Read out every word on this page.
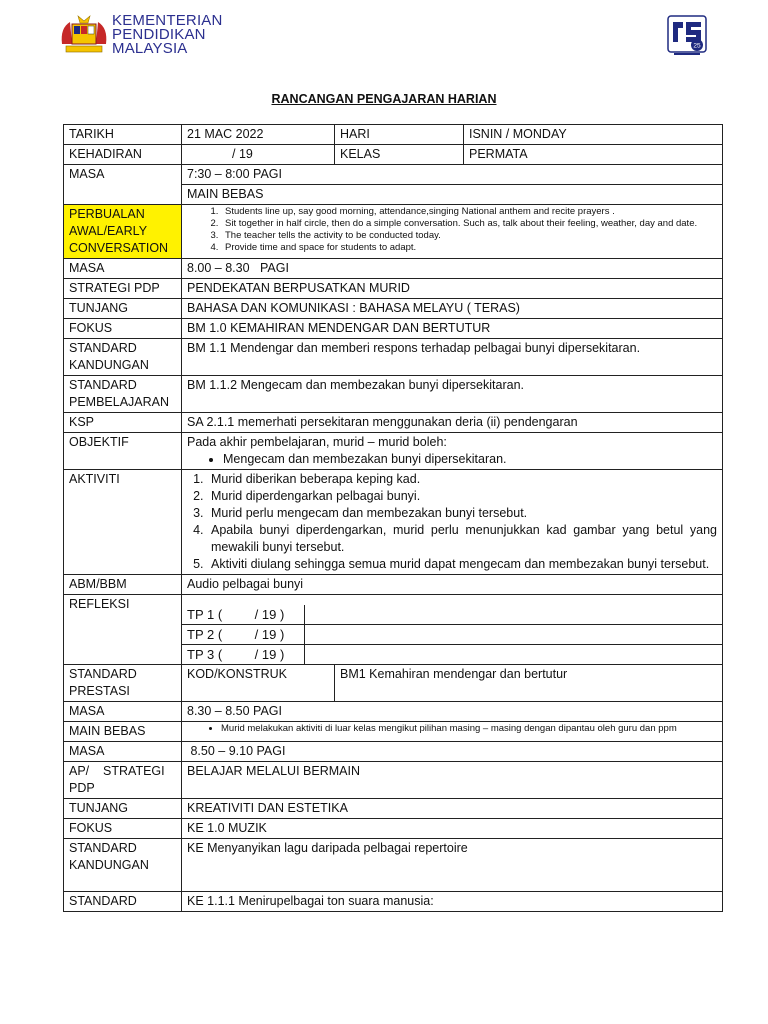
KEMENTERIAN
PENDIDIKAN
MALAYSIA	25
RANCANGAN PENGAJARAN HARIAN
TARIKH	21 MAC 2022	HARI	ISNIN / MONDAY
KEHADIRAN	/ 19	KELAS	PERMATA
MASA	7:30 – 8:00 PAGI
MAIN BEBAS
PERBUALAN AWAL/EARLY CONVERSATION	
1. Students line up, say good morning, attendance,singing National anthem and recite prayers .
2. Sit together in half circle, then do a simple conversation. Such as, talk about their feeling, weather, day and date.
3. The teacher tells the activity to be conducted today.
4. Provide time and space for students to adapt.

MASA	8.00 – 8.30   PAGI
STRATEGI PDP	PENDEKATAN BERPUSATKAN MURID
TUNJANG	BAHASA DAN KOMUNIKASI : BAHASA MELAYU ( TERAS)
FOKUS	BM 1.0 KEMAHIRAN MENDENGAR DAN BERTUTUR
STANDARD KANDUNGAN	BM 1.1 Mendengar dan memberi respons terhadap pelbagai bunyi dipersekitaran.
STANDARD PEMBELAJARAN	BM 1.1.2 Mengecam dan membezakan bunyi dipersekitaran.
KSP	SA 2.1.1 memerhati persekitaran menggunakan deria (ii) pendengaran
OBJEKTIF	Pada akhir pembelajaran, murid – murid boleh:
• Mengecam dan membezakan bunyi dipersekitaran.

AKTIVITI	
1.Murid diberikan beberapa keping kad.
2. Murid diperdengarkan pelbagai bunyi.
3. Murid perlu mengecam dan membezakan bunyi tersebut.
4. Apabila bunyi diperdengarkan, murid perlu menunjukkan kad gambar yang betul yang mewakili bunyi tersebut.
5. Aktiviti diulang sehingga semua murid dapat mengecam dan membezakan bunyi tersebut.

ABM/BBM	Audio pelbagai bunyi
REFLEKSI	
TP 1 (         / 19 )	
TP 2 (         / 19 )	
TP 3 (         / 19 )	

STANDARD PRESTASI	KOD/KONSTRUK	BM1 Kemahiran mendengar dan bertutur
MASA	8.30 – 8.50 PAGI
MAIN BEBAS	
•Murid melakukan aktiviti di luar kelas mengikut pilihan masing – masing dengan dipantau oleh guru dan ppm

MASA	8.50 – 9.10 PAGI
AP/    STRATEGI PDP	BELAJAR MELALUI BERMAIN
TUNJANG	KREATIVITI DAN ESTETIKA
FOKUS	KE 1.0 MUZIK
STANDARD KANDUNGAN	KE Menyanyikan lagu daripada pelbagai repertoire
STANDARD	KE 1.1.1 Menirupelbagai ton suara manusia:
